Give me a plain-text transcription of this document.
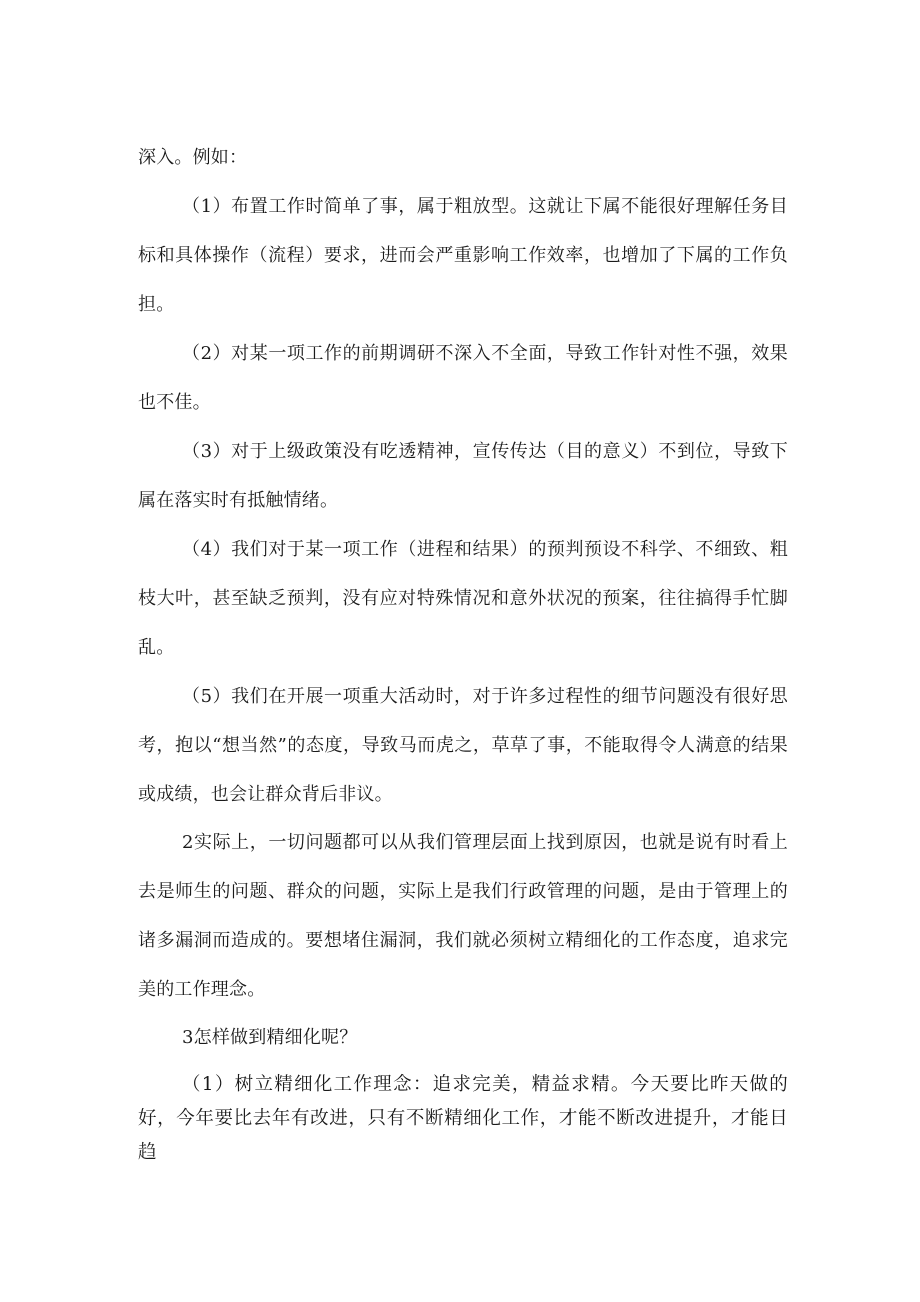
深入。例如：

（1）布置工作时简单了事，属于粗放型。这就让下属不能很好理解任务目标和具体操作（流程）要求，进而会严重影响工作效率，也增加了下属的工作负担。

（2）对某一项工作的前期调研不深入不全面，导致工作针对性不强，效果也不佳。

（3）对于上级政策没有吃透精神，宣传传达（目的意义）不到位，导致下属在落实时有抵触情绪。

（4）我们对于某一项工作（进程和结果）的预判预设不科学、不细致、粗枝大叶，甚至缺乏预判，没有应对特殊情况和意外状况的预案，往往搞得手忙脚乱。

（5）我们在开展一项重大活动时，对于许多过程性的细节问题没有很好思考，抱以“想当然”的态度，导致马而虎之，草草了事，不能取得令人满意的结果或成绩，也会让群众背后非议。

2实际上，一切问题都可以从我们管理层面上找到原因，也就是说有时看上去是师生的问题、群众的问题，实际上是我们行政管理的问题，是由于管理上的诸多漏洞而造成的。要想堵住漏洞，我们就必须树立精细化的工作态度，追求完美的工作理念。

3怎样做到精细化呢？

（1）树立精细化工作理念：追求完美，精益求精。今天要比昨天做的好，今年要比去年有改进，只有不断精细化工作，才能不断改进提升，才能日趋
